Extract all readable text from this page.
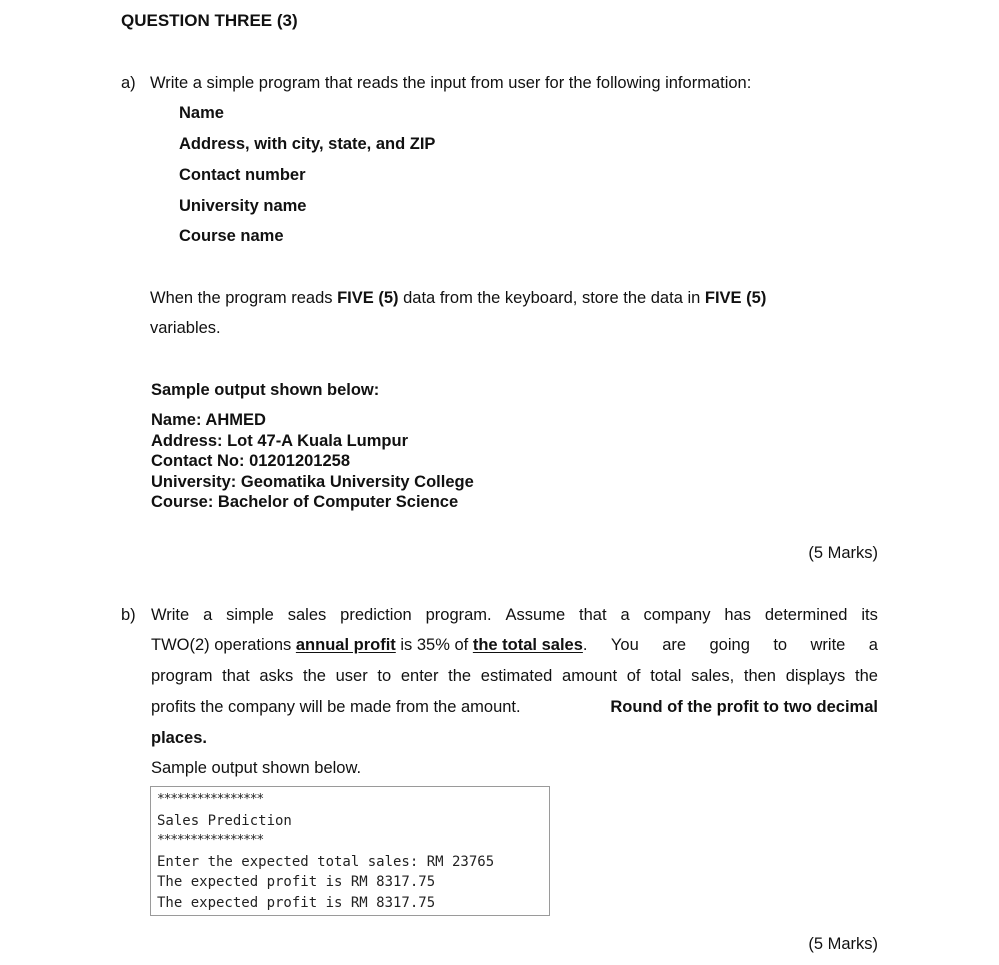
QUESTION THREE (3)
a) Write a simple program that reads the input from user for the following information:
Name
Address, with city, state, and ZIP
Contact number
University name
Course name
When the program reads FIVE (5) data from the keyboard, store the data in FIVE (5)
variables.
Sample output shown below:
Name: AHMED
Address: Lot 47-A Kuala Lumpur
Contact No: 01201201258
University: Geomatika University College
Course: Bachelor of Computer Science
(5 Marks)
b) Write a simple sales prediction program. Assume that a company has determined its
TWO(2) operations annual profit is 35% of the total sales . You are going to write a
program that asks the user to enter the estimated amount of total sales, then displays the
profits the company will be made from the amount.	Round of the profit to two decimal
places.
Sample output shown below.
****************
Sales Prediction
****************
Enter the expected total sales: RM 23765
The expected profit is RM 8317.75
The expected profit is RM 8317.75
(5 Marks)
